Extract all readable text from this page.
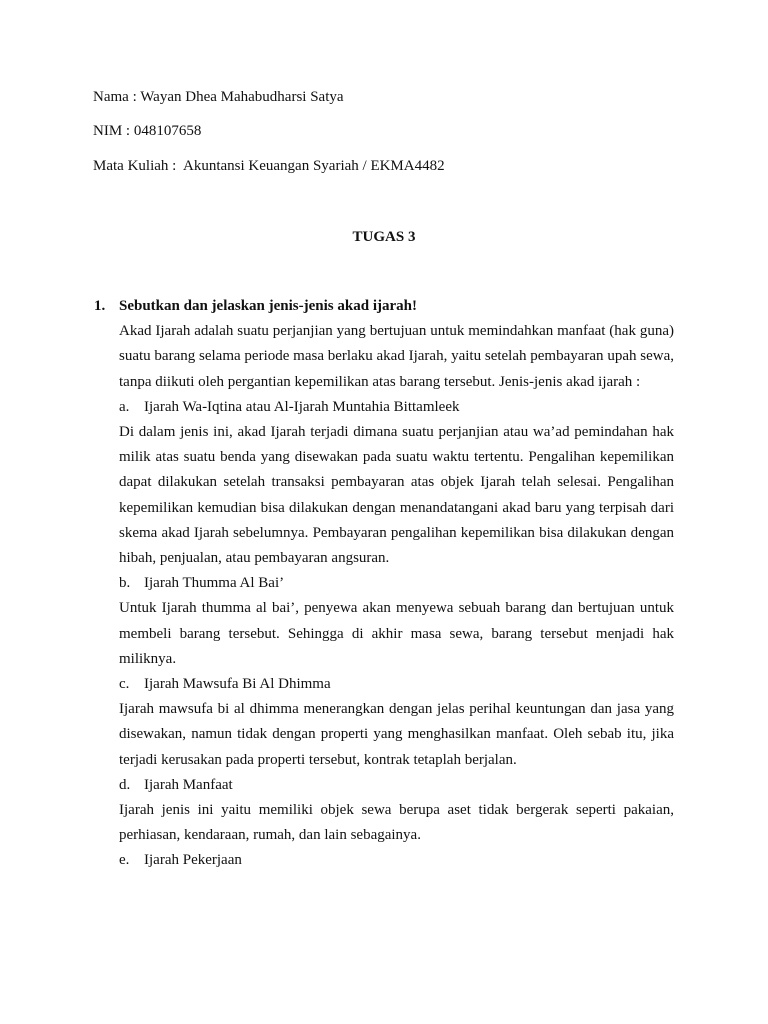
Nama : Wayan Dhea Mahabudharsi Satya
NIM : 048107658
Mata Kuliah :  Akuntansi Keuangan Syariah / EKMA4482
TUGAS 3
1. Sebutkan dan jelaskan jenis-jenis akad ijarah!

Akad Ijarah adalah suatu perjanjian yang bertujuan untuk memindahkan manfaat (hak guna) suatu barang selama periode masa berlaku akad Ijarah, yaitu setelah pembayaran upah sewa, tanpa diikuti oleh pergantian kepemilikan atas barang tersebut. Jenis-jenis akad ijarah :

a. Ijarah Wa-Iqtina atau Al-Ijarah Muntahia Bittamleek

Di dalam jenis ini, akad Ijarah terjadi dimana suatu perjanjian atau wa’ad pemindahan hak milik atas suatu benda yang disewakan pada suatu waktu tertentu. Pengalihan kepemilikan dapat dilakukan setelah transaksi pembayaran atas objek Ijarah telah selesai. Pengalihan kepemilikan kemudian bisa dilakukan dengan menandatangani akad baru yang terpisah dari skema akad Ijarah sebelumnya. Pembayaran pengalihan kepemilikan bisa dilakukan dengan hibah, penjualan, atau pembayaran angsuran.

b. Ijarah Thumma Al Bai’

Untuk Ijarah thumma al bai’, penyewa akan menyewa sebuah barang dan bertujuan untuk membeli barang tersebut. Sehingga di akhir masa sewa, barang tersebut menjadi hak miliknya.

c. Ijarah Mawsufa Bi Al Dhimma

Ijarah mawsufa bi al dhimma menerangkan dengan jelas perihal keuntungan dan jasa yang disewakan, namun tidak dengan properti yang menghasilkan manfaat. Oleh sebab itu, jika terjadi kerusakan pada properti tersebut, kontrak tetaplah berjalan.

d. Ijarah Manfaat

Ijarah jenis ini yaitu memiliki objek sewa berupa aset tidak bergerak seperti pakaian, perhiasan, kendaraan, rumah, dan lain sebagainya.

e. Ijarah Pekerjaan
